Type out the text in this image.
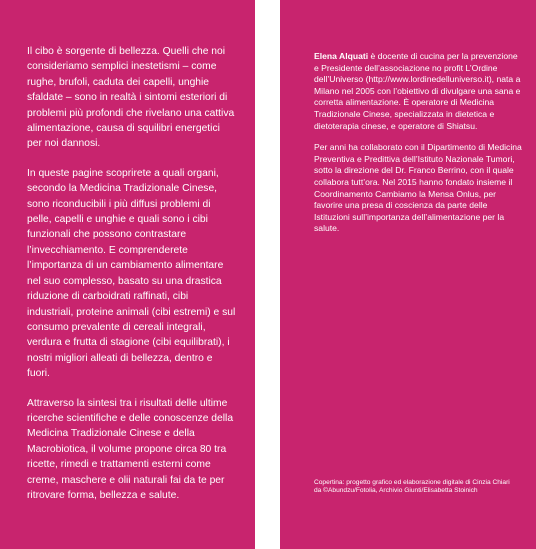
Il cibo è sorgente di bellezza. Quelli che noi consideriamo semplici inestetismi – come rughe, brufoli, caduta dei capelli, unghie sfaldate – sono in realtà i sintomi esteriori di problemi più profondi che rivelano una cattiva alimentazione, causa di squilibri energetici per noi dannosi.

In queste pagine scoprirete a quali organi, secondo la Medicina Tradizionale Cinese, sono riconducibili i più diffusi problemi di pelle, capelli e unghie e quali sono i cibi funzionali che possono contrastare l’invecchiamento. E comprenderete l’importanza di un cambiamento alimentare nel suo complesso, basato su una drastica riduzione di carboidrati raffinati, cibi industriali, proteine animali (cibi estremi) e sul consumo prevalente di cereali integrali, verdura e frutta di stagione (cibi equilibrati), i nostri migliori alleati di bellezza, dentro e fuori.

Attraverso la sintesi tra i risultati delle ultime ricerche scientifiche e delle conoscenze della Medicina Tradizionale Cinese e della Macrobiotica, il volume propone circa 80 tra ricette, rimedi e trattamenti esterni come creme, maschere e olii naturali fai da te per ritrovare forma, bellezza e salute.

Elena Alquati è docente di cucina per la prevenzione e Presidente dell’associazione no profit L’Ordine dell’Universo (http://www.lordinedelluniverso.it), nata a Milano nel 2005 con l’obiettivo di divulgare una sana e corretta alimentazione. È operatore di Medicina Tradizionale Cinese, specializzata in dietetica e dietoterapia cinese, e operatore di Shiatsu.

Per anni ha collaborato con il Dipartimento di Medicina Preventiva e Predittiva dell’Istituto Nazionale Tumori, sotto la direzione del Dr. Franco Berrino, con il quale collabora tutt’ora. Nel 2015 hanno fondato insieme il Coordinamento Cambiamo la Mensa Onlus, per favorire una presa di coscienza da parte delle Istituzioni sull’importanza dell’alimentazione per la salute.

Copertina: progetto grafico ed elaborazione digitale di Cinzia Chiari da ©Abundzu/Fotolia, Archivio Giunti/Elisabetta Stoinich
